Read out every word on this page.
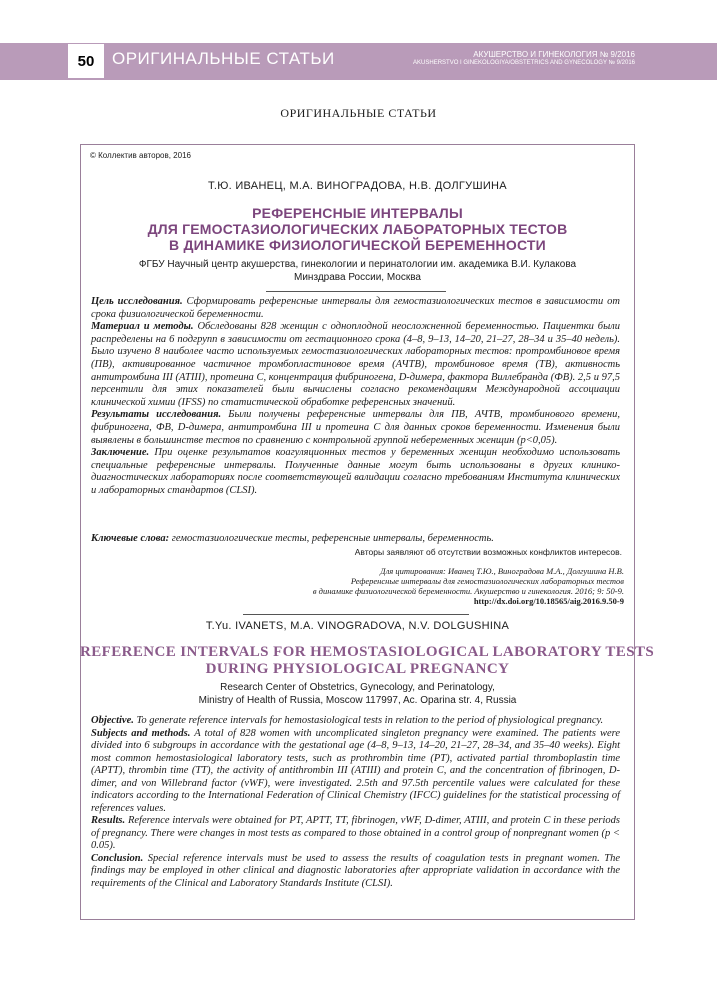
50	ОРИГИНАЛЬНЫЕ СТАТЬИ	АКУШЕРСТВО И ГИНЕКОЛОГИЯ № 9/2016
AKUSHERSTVO I GINEKOLOGIYA/OBSTETRICS AND GYNECOLOGY № 9/2016
ОРИГИНАЛЬНЫЕ СТАТЬИ
© Коллектив авторов, 2016
Т.Ю. ИВАНЕЦ, М.А. ВИНОГРАДОВА, Н.В. ДОЛГУШИНА
РЕФЕРЕНСНЫЕ ИНТЕРВАЛЫ
ДЛЯ ГЕМОСТАЗИОЛОГИЧЕСКИХ ЛАБОРАТОРНЫХ ТЕСТОВ
В ДИНАМИКЕ ФИЗИОЛОГИЧЕСКОЙ БЕРЕМЕННОСТИ
ФГБУ Научный центр акушерства, гинекологии и перинатологии им. академика В.И. Кулакова
Минздрава России, Москва

Цель исследования. Сформировать референсные интервалы для гемостазиологических тестов в зависимости от срока физиологической беременности.

Материал и методы. Обследованы 828 женщин с одноплодной неосложненной беременностью. Пациентки были распределены на 6 подгрупп в зависимости от гестационного срока (4–8, 9–13, 14–20, 21–27, 28–34 и 35–40 недель). Было изучено 8 наиболее часто используемых гемостазиологических лабораторных тестов: протромбиновое время (ПВ), активированное частичное тромбопластиновое время (АЧТВ), тромбиновое время (ТВ), активность антитромбина III (АТIII), протеина С, концентрация фибриногена, D-димера, фактора Виллебранда (ФВ). 2,5 и 97,5 персентили для этих показателей были вычислены согласно рекомендациям Международной ассоциации клинической химии (IFSS) по статистической обработке референсных значений.

Результаты исследования. Были получены референсные интервалы для ПВ, АЧТВ, тромбинового времени, фибриногена, ФВ, D-димера, антитромбина III и протеина С для данных сроков беременности. Изменения были выявлены в большинстве тестов по сравнению с контрольной группой небеременных женщин (p<0,05).

Заключение. При оценке результатов коагуляционных тестов у беременных женщин необходимо использовать специальные референсные интервалы. Полученные данные могут быть использованы в других клинико-диагностических лабораториях после соответствующей валидации согласно требованиям Института клинических и лабораторных стандартов (CLSI).

Ключевые слова: гемостазиологические тесты, референсные интервалы, беременность.
Авторы заявляют об отсутствии возможных конфликтов интересов.
Для цитирования: Иванец Т.Ю., Виноградова М.А., Долгушина Н.В.
Референсные интервалы для гемостазиологических лабораторных тестов
в динамике физиологической беременности. Акушерство и гинекология. 2016; 9: 50-9.
http://dx.doi.org/10.18565/aig.2016.9.50-9
T.Yu. IVANETS, M.A. VINOGRADOVA, N.V. DOLGUSHINA
REFERENCE INTERVALS FOR HEMOSTASIOLOGICAL LABORATORY TESTS
DURING PHYSIOLOGICAL PREGNANCY
Research Center of Obstetrics, Gynecology, and Perinatology,
Ministry of Health of Russia, Moscow 117997, Ac. Oparina str. 4, Russia

Objective. To generate reference intervals for hemostasiological tests in relation to the period of physiological pregnancy.

Subjects and methods. A total of 828 women with uncomplicated singleton pregnancy were examined. The patients were divided into 6 subgroups in accordance with the gestational age (4–8, 9–13, 14–20, 21–27, 28–34, and 35–40 weeks). Eight most common hemostasiological laboratory tests, such as prothrombin time (PT), activated partial thromboplastin time (APTT), thrombin time (TT), the activity of antithrombin III (ATIII) and protein C, and the concentration of fibrinogen, D-dimer, and von Willebrand factor (vWF), were investigated. 2.5th and 97.5th percentile values were calculated for these indicators according to the International Federation of Clinical Chemistry (IFCC) guidelines for the statistical processing of references values.

Results. Reference intervals were obtained for PT, APTT, TT, fibrinogen, vWF, D-dimer, ATIII, and protein C in these periods of pregnancy. There were changes in most tests as compared to those obtained in a control group of nonpregnant women (p < 0.05).

Conclusion. Special reference intervals must be used to assess the results of coagulation tests in pregnant women. The findings may be employed in other clinical and diagnostic laboratories after appropriate validation in accordance with the requirements of the Clinical and Laboratory Standards Institute (CLSI).
